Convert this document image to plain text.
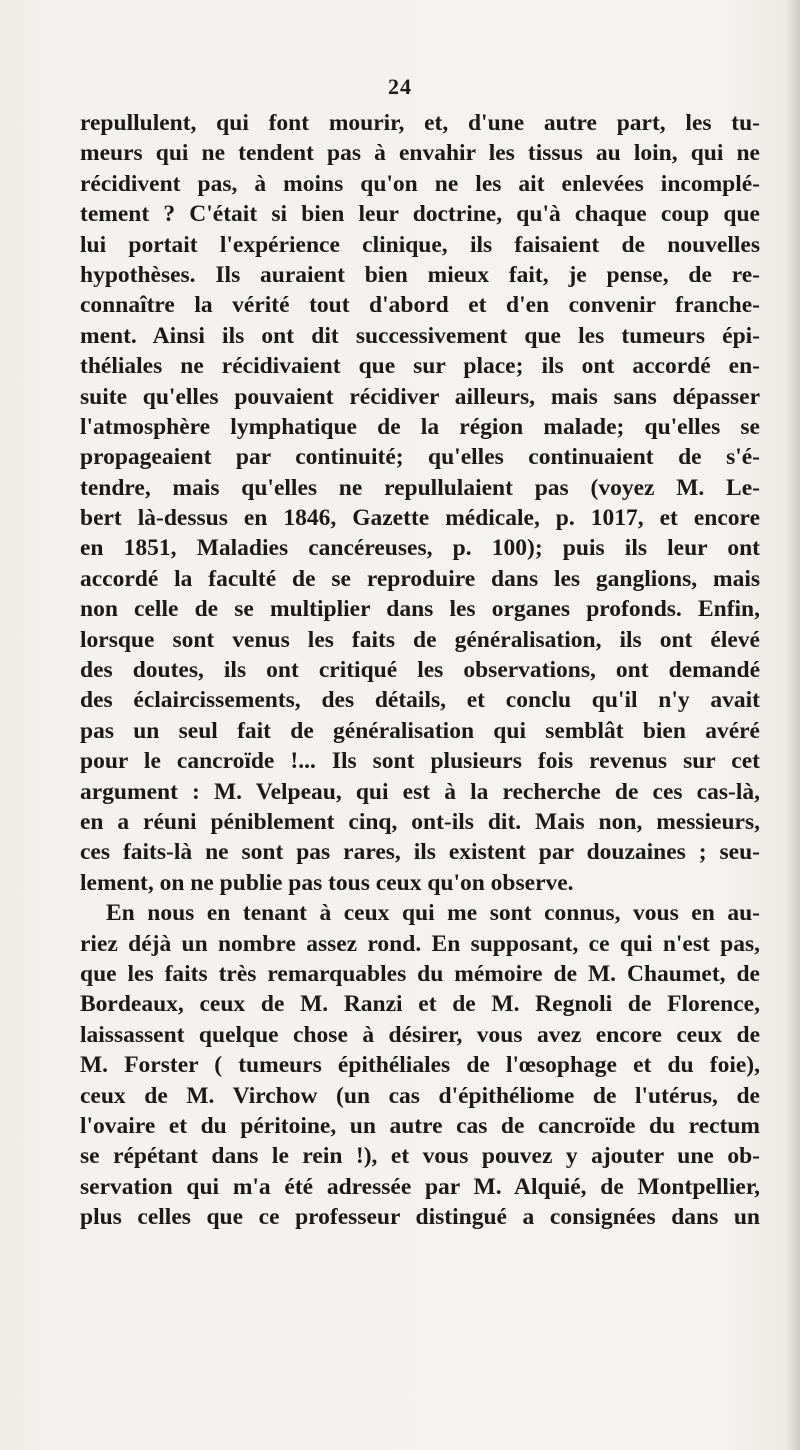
24
repullulent, qui font mourir, et, d'une autre part, les tu-
meurs qui ne tendent pas à envahir les tissus au loin, qui ne
récidivent pas, à moins qu'on ne les ait enlevées incomplé-
tement ? C'était si bien leur doctrine, qu'à chaque coup que
lui portait l'expérience clinique, ils faisaient de nouvelles
hypothèses. Ils auraient bien mieux fait, je pense, de re-
connaître la vérité tout d'abord et d'en convenir franche-
ment. Ainsi ils ont dit successivement que les tumeurs épi-
théliales ne récidivaient que sur place; ils ont accordé en-
suite qu'elles pouvaient récidiver ailleurs, mais sans dépasser
l'atmosphère lymphatique de la région malade; qu'elles se
propageaient par continuité; qu'elles continuaient de s'é-
tendre, mais qu'elles ne repullulaient pas (voyez M. Le-
bert là-dessus en 1846, Gazette médicale, p. 1017, et encore
en 1851, Maladies cancéreuses, p. 100); puis ils leur ont
accordé la faculté de se reproduire dans les ganglions, mais
non celle de se multiplier dans les organes profonds. Enfin,
lorsque sont venus les faits de généralisation, ils ont élevé
des doutes, ils ont critiqué les observations, ont demandé
des éclaircissements, des détails, et conclu qu'il n'y avait
pas un seul fait de généralisation qui semblât bien avéré
pour le cancroïde !... Ils sont plusieurs fois revenus sur cet
argument : M. Velpeau, qui est à la recherche de ces cas-là,
en a réuni péniblement cinq, ont-ils dit. Mais non, messieurs,
ces faits-là ne sont pas rares, ils existent par douzaines ; seu-
lement, on ne publie pas tous ceux qu'on observe.
En nous en tenant à ceux qui me sont connus, vous en au-
riez déjà un nombre assez rond. En supposant, ce qui n'est pas,
que les faits très remarquables du mémoire de M. Chaumet, de
Bordeaux, ceux de M. Ranzi et de M. Regnoli de Florence,
laissassent quelque chose à désirer, vous avez encore ceux de
M. Forster ( tumeurs épithéliales de l'œsophage et du foie),
ceux de M. Virchow (un cas d'épithéliome de l'utérus, de
l'ovaire et du péritoine, un autre cas de cancroïde du rectum
se répétant dans le rein !), et vous pouvez y ajouter une ob-
servation qui m'a été adressée par M. Alquié, de Montpellier,
plus celles que ce professeur distingué a consignées dans un
